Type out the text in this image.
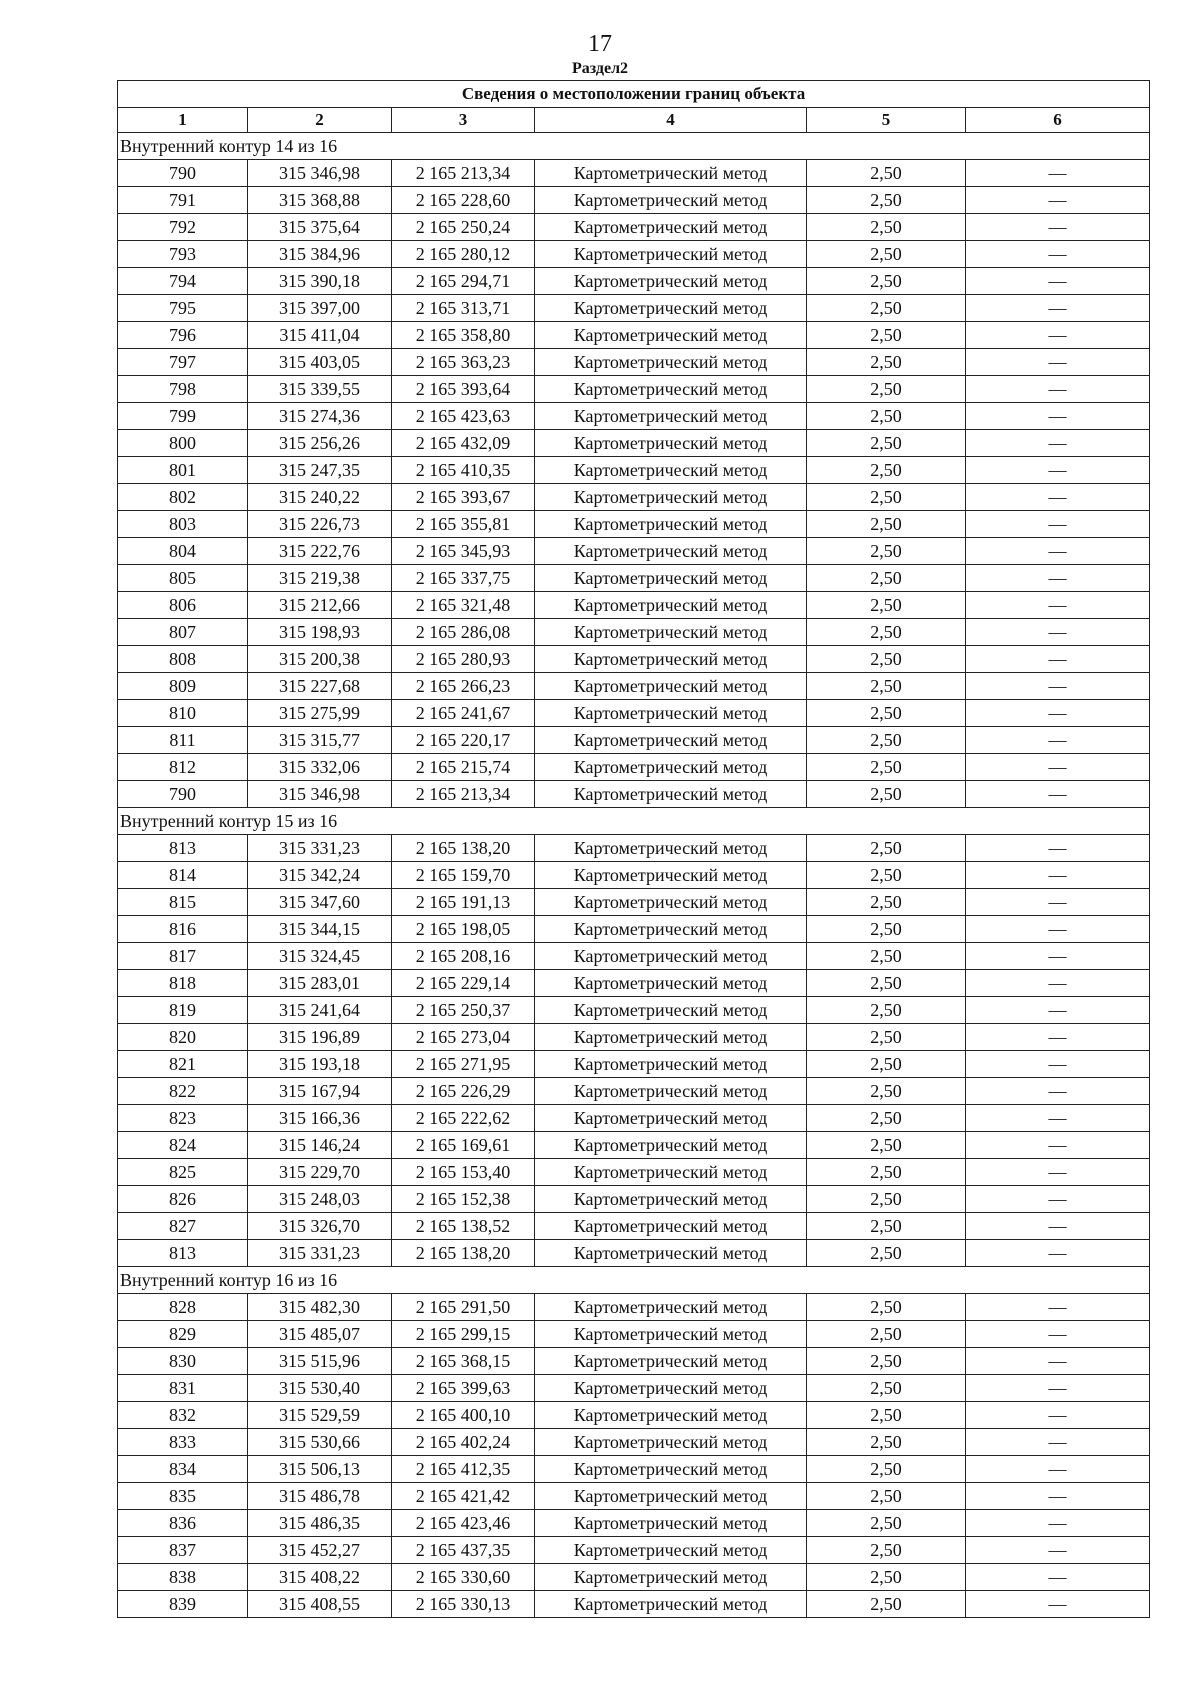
17
Раздел2
Сведения о местоположении границ объекта					
1	2	3	4	5	6
Внутренний контур 14 из 16					
790	315 346,98	2 165 213,34	Картометрический метод	2,50	—
791	315 368,88	2 165 228,60	Картометрический метод	2,50	—
792	315 375,64	2 165 250,24	Картометрический метод	2,50	—
793	315 384,96	2 165 280,12	Картометрический метод	2,50	—
794	315 390,18	2 165 294,71	Картометрический метод	2,50	—
795	315 397,00	2 165 313,71	Картометрический метод	2,50	—
796	315 411,04	2 165 358,80	Картометрический метод	2,50	—
797	315 403,05	2 165 363,23	Картометрический метод	2,50	—
798	315 339,55	2 165 393,64	Картометрический метод	2,50	—
799	315 274,36	2 165 423,63	Картометрический метод	2,50	—
800	315 256,26	2 165 432,09	Картометрический метод	2,50	—
801	315 247,35	2 165 410,35	Картометрический метод	2,50	—
802	315 240,22	2 165 393,67	Картометрический метод	2,50	—
803	315 226,73	2 165 355,81	Картометрический метод	2,50	—
804	315 222,76	2 165 345,93	Картометрический метод	2,50	—
805	315 219,38	2 165 337,75	Картометрический метод	2,50	—
806	315 212,66	2 165 321,48	Картометрический метод	2,50	—
807	315 198,93	2 165 286,08	Картометрический метод	2,50	—
808	315 200,38	2 165 280,93	Картометрический метод	2,50	—
809	315 227,68	2 165 266,23	Картометрический метод	2,50	—
810	315 275,99	2 165 241,67	Картометрический метод	2,50	—
811	315 315,77	2 165 220,17	Картометрический метод	2,50	—
812	315 332,06	2 165 215,74	Картометрический метод	2,50	—
790	315 346,98	2 165 213,34	Картометрический метод	2,50	—
Внутренний контур 15 из 16					
813	315 331,23	2 165 138,20	Картометрический метод	2,50	—
814	315 342,24	2 165 159,70	Картометрический метод	2,50	—
815	315 347,60	2 165 191,13	Картометрический метод	2,50	—
816	315 344,15	2 165 198,05	Картометрический метод	2,50	—
817	315 324,45	2 165 208,16	Картометрический метод	2,50	—
818	315 283,01	2 165 229,14	Картометрический метод	2,50	—
819	315 241,64	2 165 250,37	Картометрический метод	2,50	—
820	315 196,89	2 165 273,04	Картометрический метод	2,50	—
821	315 193,18	2 165 271,95	Картометрический метод	2,50	—
822	315 167,94	2 165 226,29	Картометрический метод	2,50	—
823	315 166,36	2 165 222,62	Картометрический метод	2,50	—
824	315 146,24	2 165 169,61	Картометрический метод	2,50	—
825	315 229,70	2 165 153,40	Картометрический метод	2,50	—
826	315 248,03	2 165 152,38	Картометрический метод	2,50	—
827	315 326,70	2 165 138,52	Картометрический метод	2,50	—
813	315 331,23	2 165 138,20	Картометрический метод	2,50	—
Внутренний контур 16 из 16					
828	315 482,30	2 165 291,50	Картометрический метод	2,50	—
829	315 485,07	2 165 299,15	Картометрический метод	2,50	—
830	315 515,96	2 165 368,15	Картометрический метод	2,50	—
831	315 530,40	2 165 399,63	Картометрический метод	2,50	—
832	315 529,59	2 165 400,10	Картометрический метод	2,50	—
833	315 530,66	2 165 402,24	Картометрический метод	2,50	—
834	315 506,13	2 165 412,35	Картометрический метод	2,50	—
835	315 486,78	2 165 421,42	Картометрический метод	2,50	—
836	315 486,35	2 165 423,46	Картометрический метод	2,50	—
837	315 452,27	2 165 437,35	Картометрический метод	2,50	—
838	315 408,22	2 165 330,60	Картометрический метод	2,50	—
839	315 408,55	2 165 330,13	Картометрический метод	2,50	—
